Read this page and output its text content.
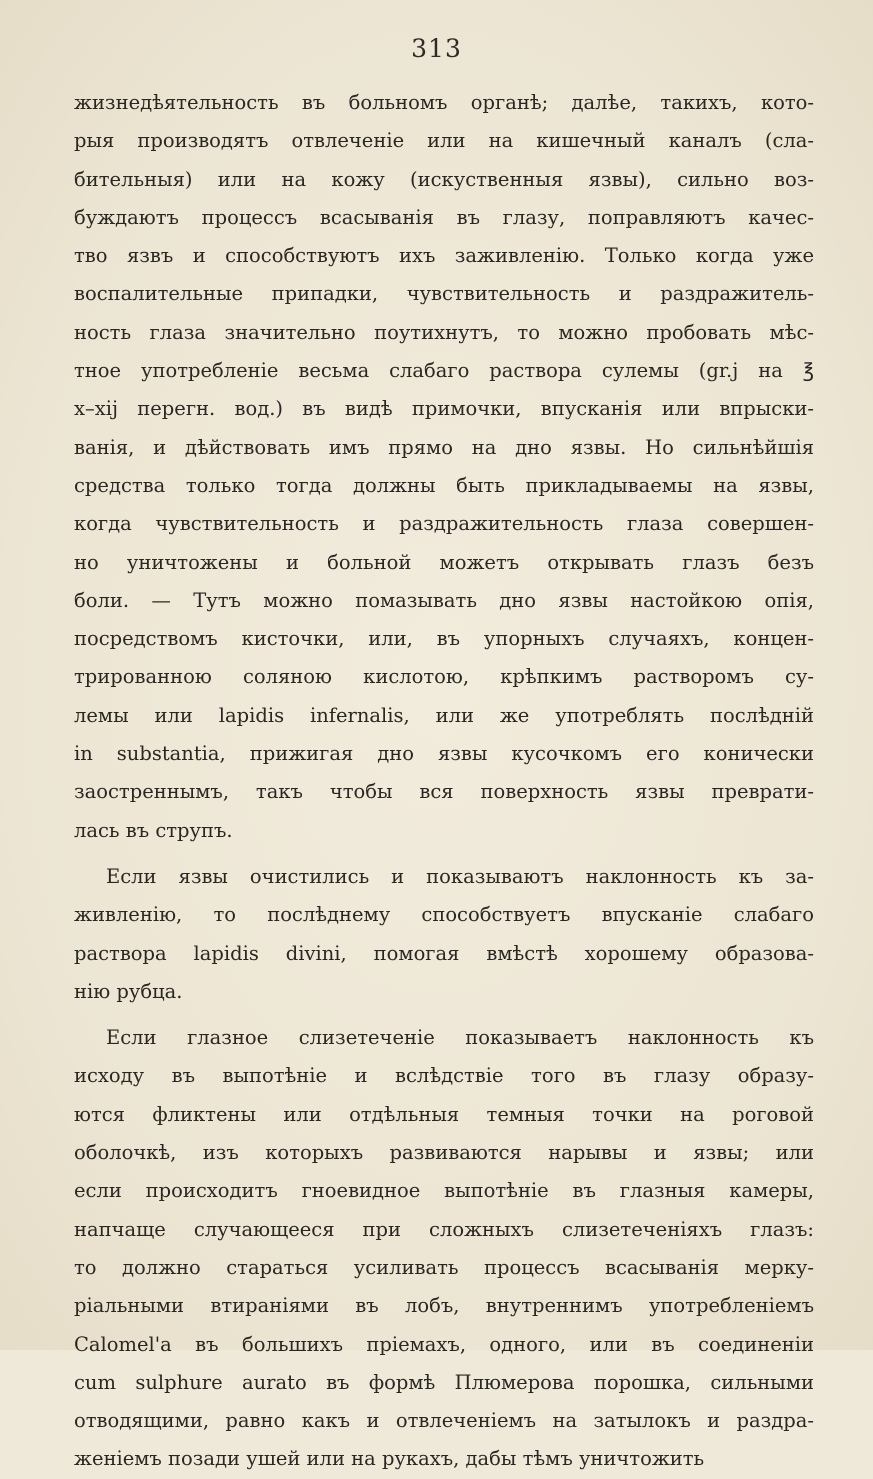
313
жизнедѣятельность въ больномъ органѣ; далѣе, такихъ, кото-
рыя производятъ отвлеченіе или на кишечный каналъ (сла-
бительныя) или на кожу (искуственныя язвы), сильно воз-
буждаютъ процессъ всасыванія въ глазу, поправляютъ качес-
тво язвъ и способствуютъ ихъ заживленію. Только когда уже
воспалительные припадки, чувствительность и раздражитель-
ность глаза значительно поутихнутъ, то можно пробовать мѣс-
тное употребленіе весьма слабаго раствора сулемы (gr.j на ℥
x–xij перегн. вод.) въ видѣ примочки, впусканія или впрыски-
ванія, и дѣйствовать имъ прямо на дно язвы. Но сильнѣйшія
средства только тогда должны быть прикладываемы на язвы,
когда чувствительность и раздражительность глаза совершен-
но уничтожены и больной можетъ открывать глазъ безъ
боли. — Тутъ можно помазывать дно язвы настойкою опія,
посредствомъ кисточки, или, въ упорныхъ случаяхъ, концен-
трированною соляною кислотою, крѣпкимъ растворомъ су-
лемы или lapidis infernalis, или же употреблять послѣдній
in substantia, прижигая дно язвы кусочкомъ его конически
заостреннымъ, такъ чтобы вся поверхность язвы преврати-
лась въ струпъ.
Если язвы очистились и показываютъ наклонность къ за-
живленію, то послѣднему способствуетъ впусканіе слабаго
раствора lapidis divini, помогая вмѣстѣ хорошему образова-
нію рубца.
Если глазное слизетеченіе показываетъ наклонность къ
исходу въ выпотѣніе и вслѣдствіе того въ глазу образу-
ются фликтены или отдѣльныя темныя точки на роговой
оболочкѣ, изъ которыхъ развиваются нарывы и язвы; или
если происходитъ гноевидное выпотѣніе въ глазныя камеры,
напчаще случающееся при сложныхъ слизетеченіяхъ глазъ:
то должно стараться усиливать процессъ всасыванія мерку-
ріальными втираніями въ лобъ, внутреннимъ употребленіемъ
Calomel'а въ большихъ пріемахъ, одного, или въ соединеніи
cum sulphure aurato въ формѣ Плюмерова порошка, сильными
отводящими, равно какъ и отвлеченіемъ на затылокъ и раздра-
женіемъ позади ушей или на рукахъ, дабы тѣмъ уничтожить
